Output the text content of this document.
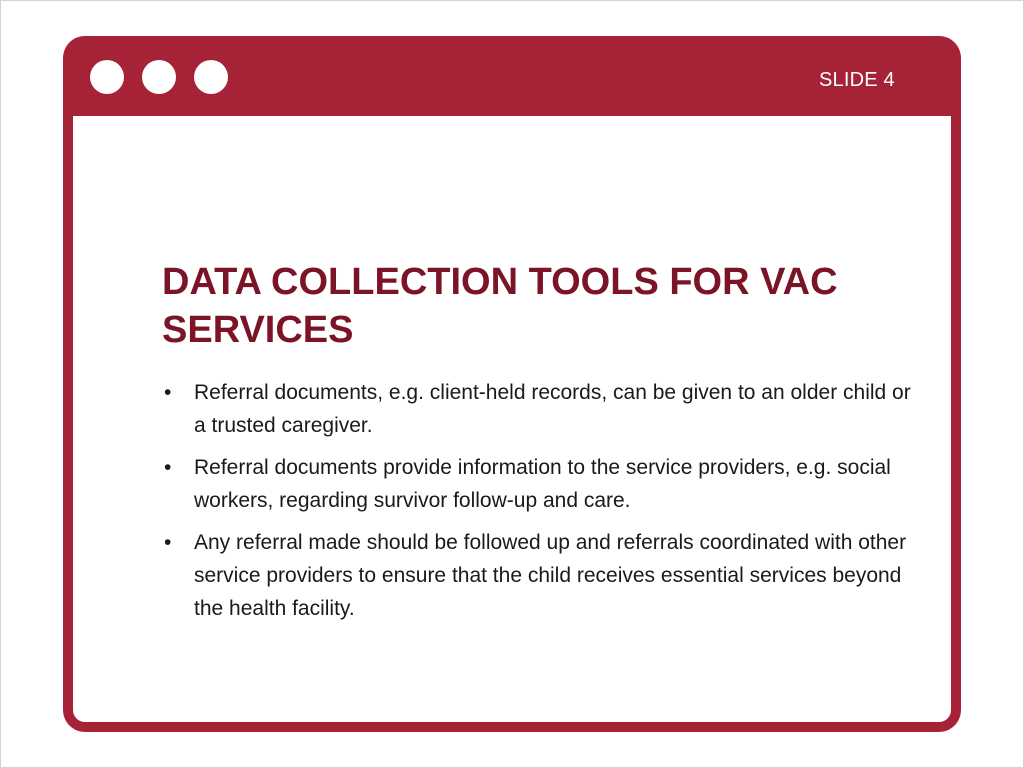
SLIDE 4
DATA COLLECTION TOOLS FOR VAC SERVICES
• Referral documents, e.g. client-held records, can be given to an older child or a trusted caregiver.
• Referral documents provide information to the service providers, e.g. social workers, regarding survivor follow-up and care.
• Any referral made should be followed up and referrals coordinated with other service providers to ensure that the child receives essential services beyond the health facility.
